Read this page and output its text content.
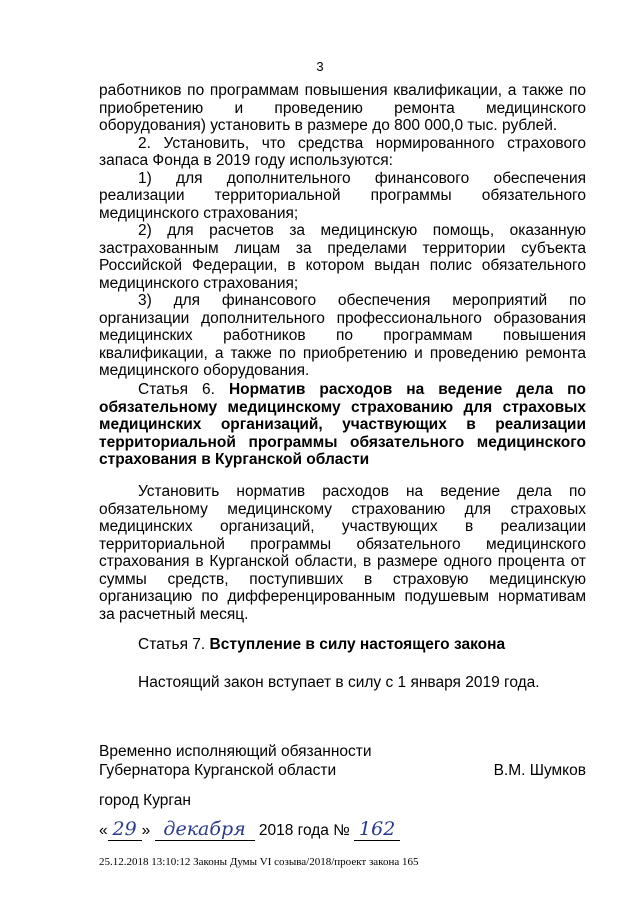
3

работников по программам повышения квалификации, а также по приобретению и проведению ремонта медицинского оборудования) установить в размере до 800 000,0 тыс. рублей.

2. Установить, что средства нормированного страхового запаса Фонда в 2019 году используются:

1) для дополнительного финансового обеспечения реализации территориальной программы обязательного медицинского страхования;

2) для расчетов за медицинскую помощь, оказанную застрахованным лицам за пределами территории субъекта Российской Федерации, в котором выдан полис обязательного медицинского страхования;

3) для финансового обеспечения мероприятий по организации дополнительного профессионального образования медицинских работников по программам повышения квалификации, а также по приобретению и проведению ремонта медицинского оборудования.

Статья 6. Норматив расходов на ведение дела по обязательному медицинскому страхованию для страховых медицинских организаций, участвующих в реализации территориальной программы обязательного медицинского страхования в Курганской области

Установить норматив расходов на ведение дела по обязательному медицинскому страхованию для страховых медицинских организаций, участвующих в реализации территориальной программы обязательного медицинского страхования в Курганской области, в размере одного процента от суммы средств, поступивших в страховую медицинскую организацию по дифференцированным подушевым нормативам за расчетный месяц.

Статья 7. Вступление в силу настоящего закона

Настоящий закон вступает в силу с 1 января 2019 года.

Временно исполняющий обязанности
Губернатора Курганской области	В.М. Шумков
город Курган
« 29 » декабря 2018 года № 162
25.12.2018 13:10:12 Законы Думы VI созыва/2018/проект закона 165
